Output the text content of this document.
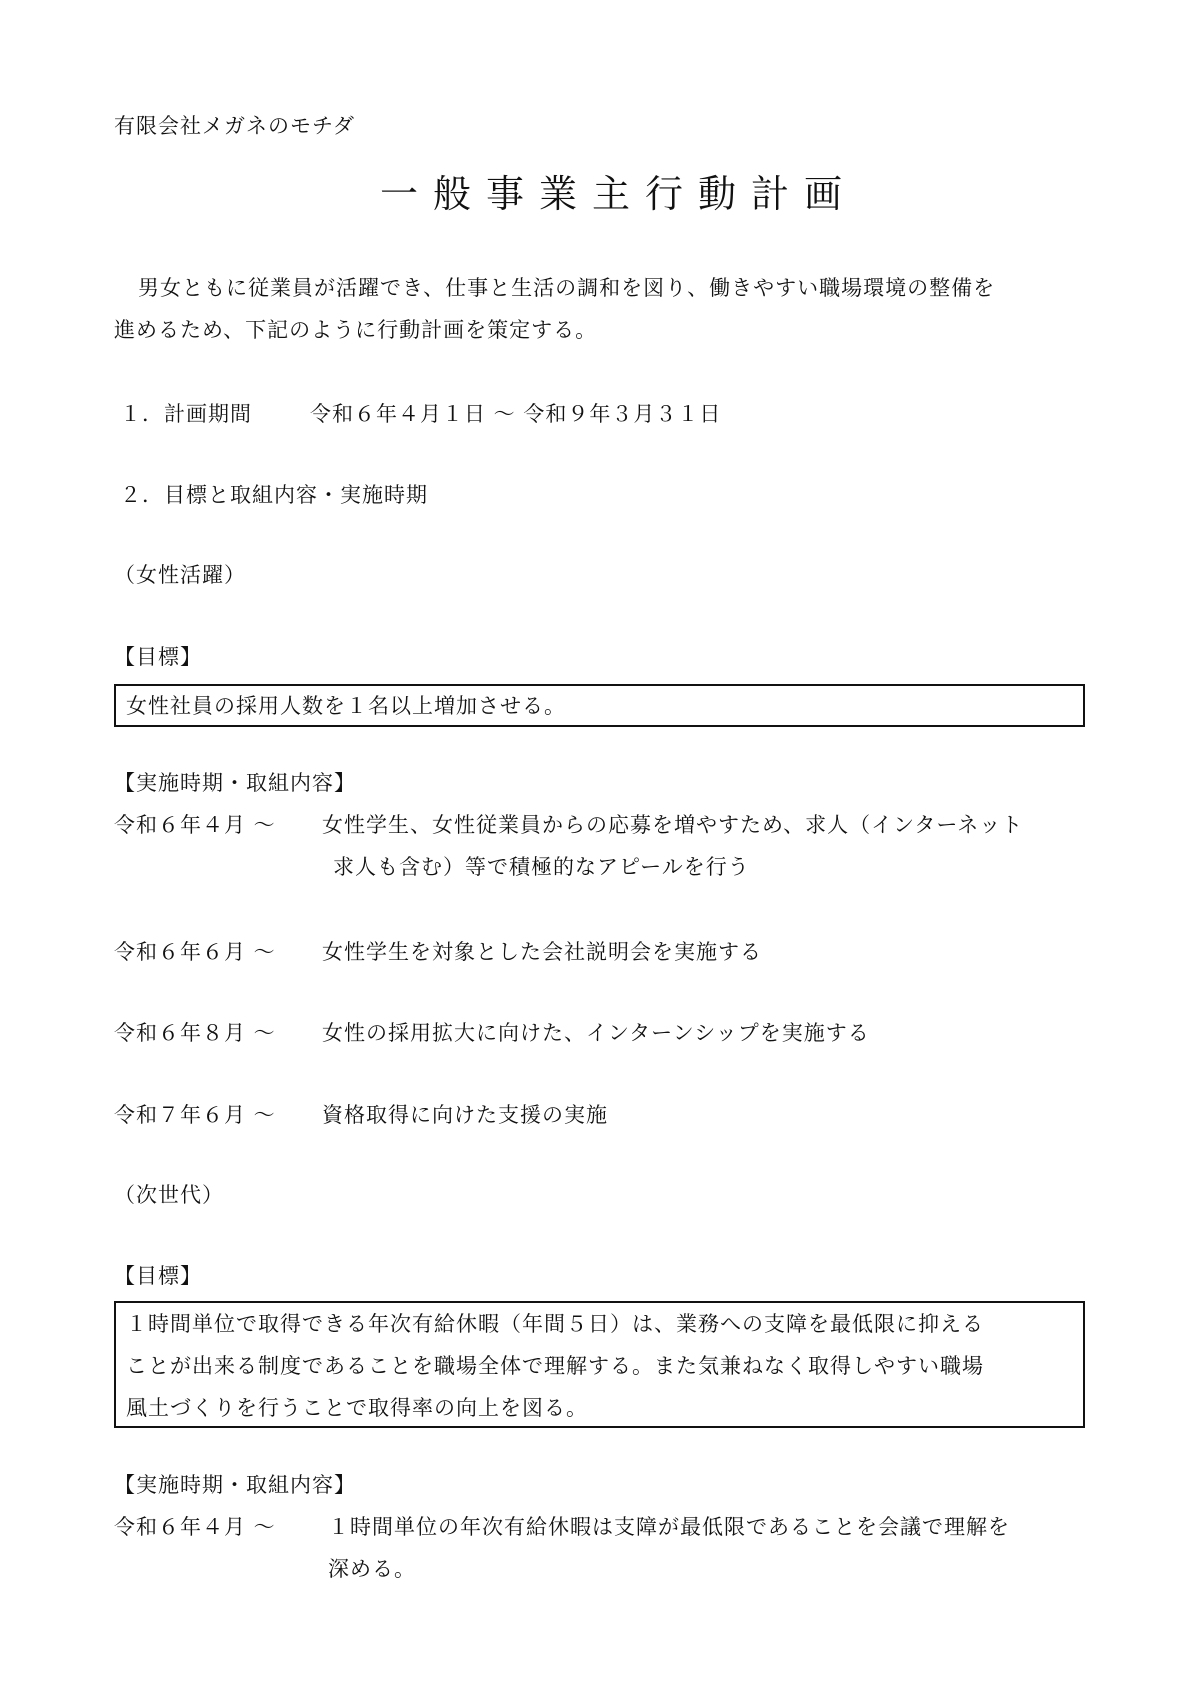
有限会社メガネのモチダ
一般事業主行動計画
男女ともに従業員が活躍でき、仕事と生活の調和を図り、働きやすい職場環境の整備を
進めるため、下記のように行動計画を策定する。
１．計画期間	令和６年４月１日 ～ 令和９年３月３１日
２．目標と取組内容・実施時期
（女性活躍）
【目標】
女性社員の採用人数を１名以上増加させる。
【実施時期・取組内容】
令和６年４月 ～ 女性学生、女性従業員からの応募を増やすため、求人（インターネット
求人も含む）等で積極的なアピールを行う
令和６年６月 ～ 女性学生を対象とした会社説明会を実施する
令和６年８月 ～ 女性の採用拡大に向けた、インターンシップを実施する
令和７年６月 ～ 資格取得に向けた支援の実施
（次世代）
【目標】
１時間単位で取得できる年次有給休暇（年間５日）は、業務への支障を最低限に抑える
ことが出来る制度であることを職場全体で理解する。また気兼ねなく取得しやすい職場
風土づくりを行うことで取得率の向上を図る。
【実施時期・取組内容】
令和６年４月 ～ １時間単位の年次有給休暇は支障が最低限であることを会議で理解を
深める。
